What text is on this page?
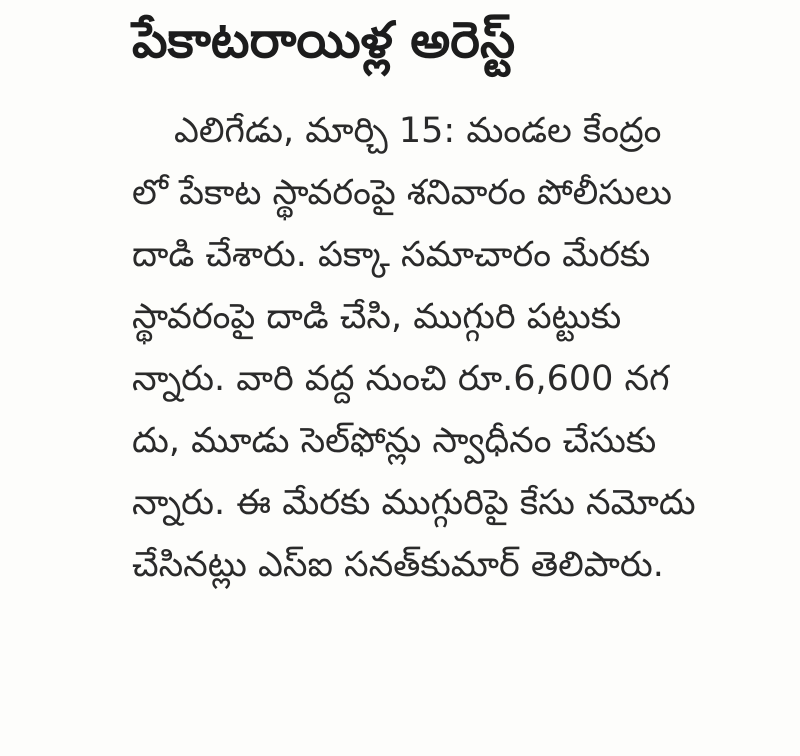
పేకాటరాయిళ్ల అరెస్ట్
ఎలిగేడు, మార్చి 15: మండల కేంద్రం
లో పేకాట స్థావరంపై శనివారం పోలీసులు
దాడి చేశారు. పక్కా సమాచారం మేరకు
స్థావరంపై దాడి చేసి, ముగ్గురి పట్టుకు
న్నారు. వారి వద్ద నుంచి రూ.6,600 నగ
దు, మూడు సెల్‌ఫోన్లు స్వాధీనం చేసుకు
న్నారు. ఈ మేరకు ముగ్గురిపై కేసు నమోదు
చేసినట్లు ఎస్‌ఐ సనత్‌కుమార్ తెలిపారు.
